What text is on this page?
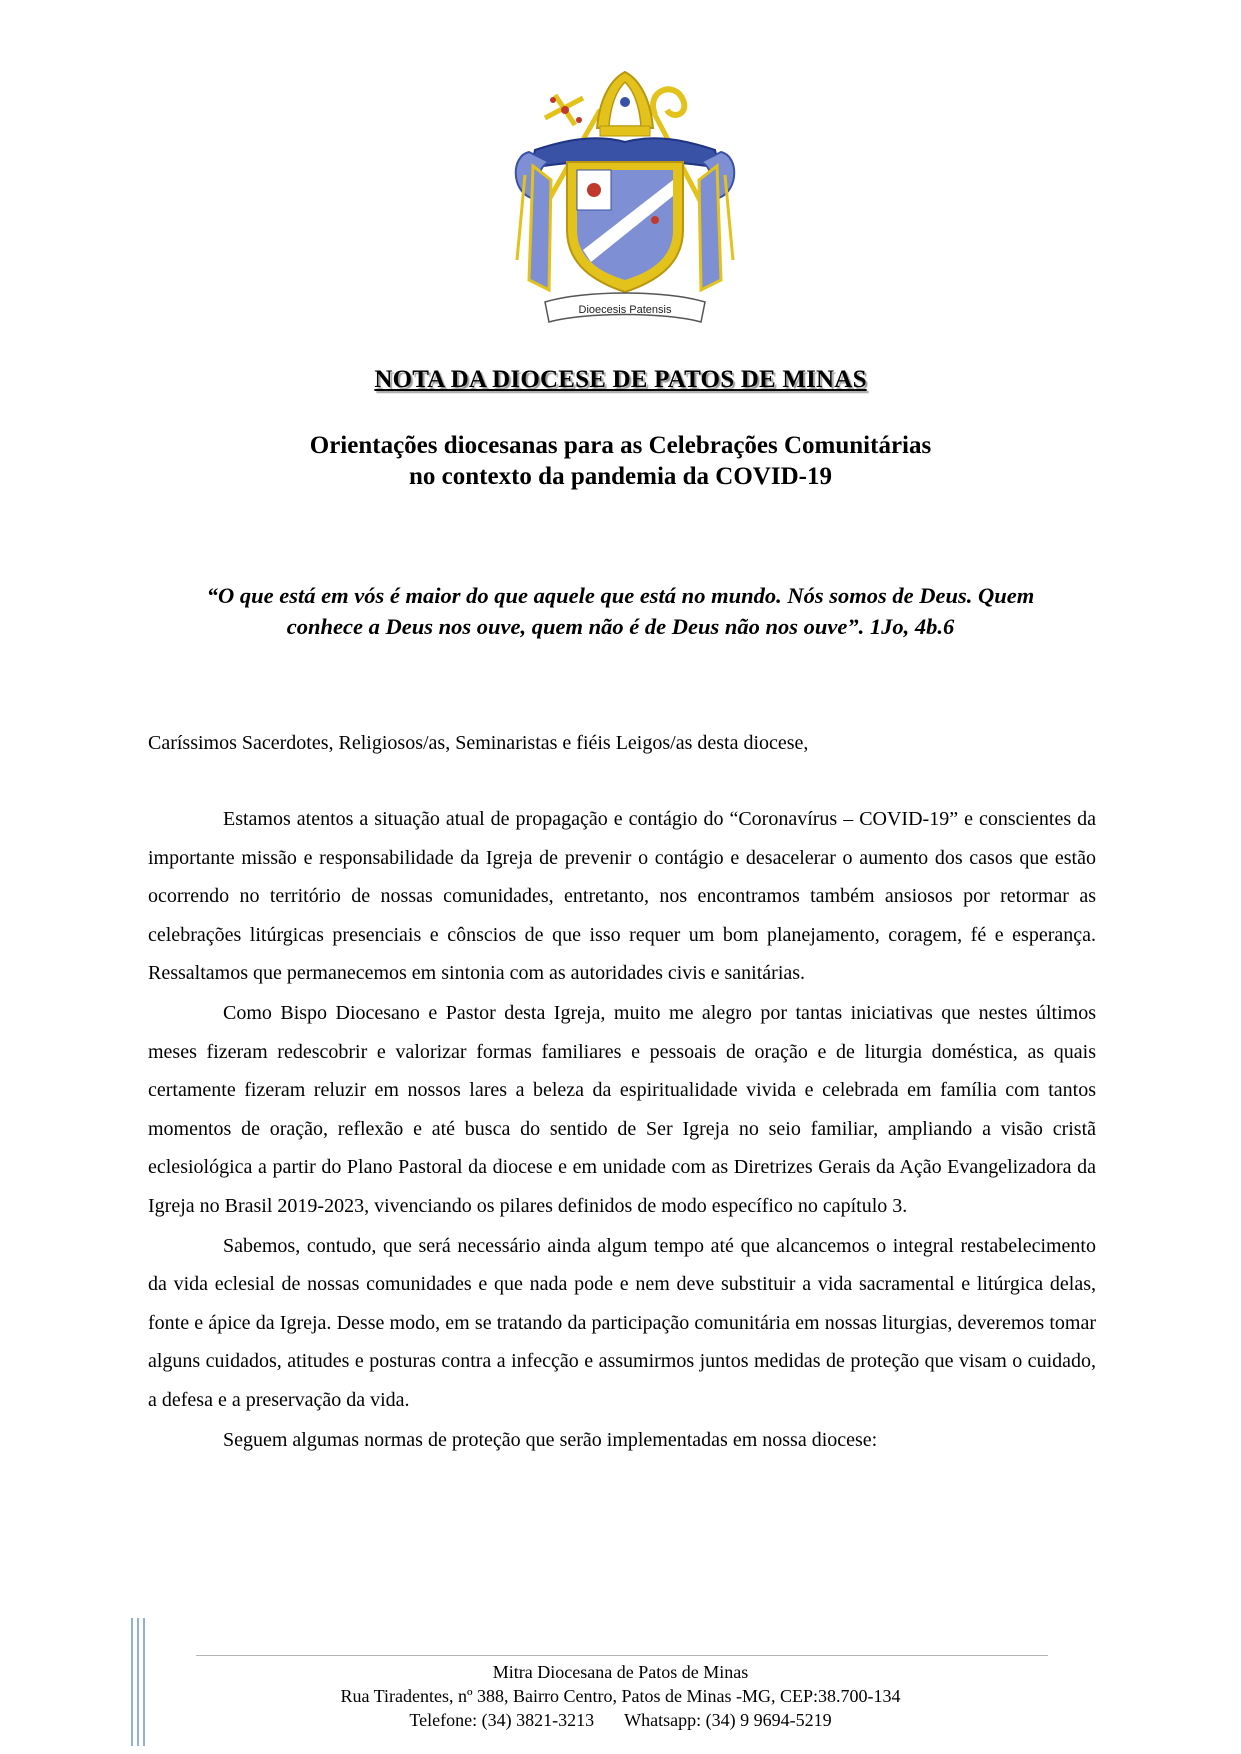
Dioecesis Patensis
NOTA DA DIOCESE DE PATOS DE MINAS
Orientações diocesanas para as Celebrações Comunitárias
no contexto da pandemia da COVID-19
“O que está em vós é maior do que aquele que está no mundo. Nós somos de Deus. Quem
conhece a Deus nos ouve, quem não é de Deus não nos ouve”. 1Jo, 4b.6
Caríssimos Sacerdotes, Religiosos/as, Seminaristas e fiéis Leigos/as desta diocese,

Estamos atentos a situação atual de propagação e contágio do “Coronavírus – COVID-19” e conscientes da importante missão e responsabilidade da Igreja de prevenir o contágio e desacelerar o aumento dos casos que estão ocorrendo no território de nossas comunidades, entretanto, nos encontramos também ansiosos por retormar as celebrações litúrgicas presenciais e cônscios de que isso requer um bom planejamento, coragem, fé e esperança. Ressaltamos que permanecemos em sintonia com as autoridades civis e sanitárias.

Como Bispo Diocesano e Pastor desta Igreja, muito me alegro por tantas iniciativas que nestes últimos meses fizeram redescobrir e valorizar formas familiares e pessoais de oração e de liturgia doméstica, as quais certamente fizeram reluzir em nossos lares a beleza da espiritualidade vivida e celebrada em família com tantos momentos de oração, reflexão e até busca do sentido de Ser Igreja no seio familiar, ampliando a visão cristã eclesiológica a partir do Plano Pastoral da diocese e em unidade com as Diretrizes Gerais da Ação Evangelizadora da Igreja no Brasil 2019-2023, vivenciando os pilares definidos de modo específico no capítulo 3.

Sabemos, contudo, que será necessário ainda algum tempo até que alcancemos o integral restabelecimento da vida eclesial de nossas comunidades e que nada pode e nem deve substituir a vida sacramental e litúrgica delas, fonte e ápice da Igreja. Desse modo, em se tratando da participação comunitária em nossas liturgias, deveremos tomar alguns cuidados, atitudes e posturas contra a infecção e assumirmos juntos medidas de proteção que visam o cuidado, a defesa e a preservação da vida.

Seguem algumas normas de proteção que serão implementadas em nossa diocese:

Mitra Diocesana de Patos de Minas
Rua Tiradentes, nº 388, Bairro Centro, Patos de Minas -MG, CEP:38.700-134
Telefone: (34) 3821-3213 Whatsapp: (34) 9 9694-5219
